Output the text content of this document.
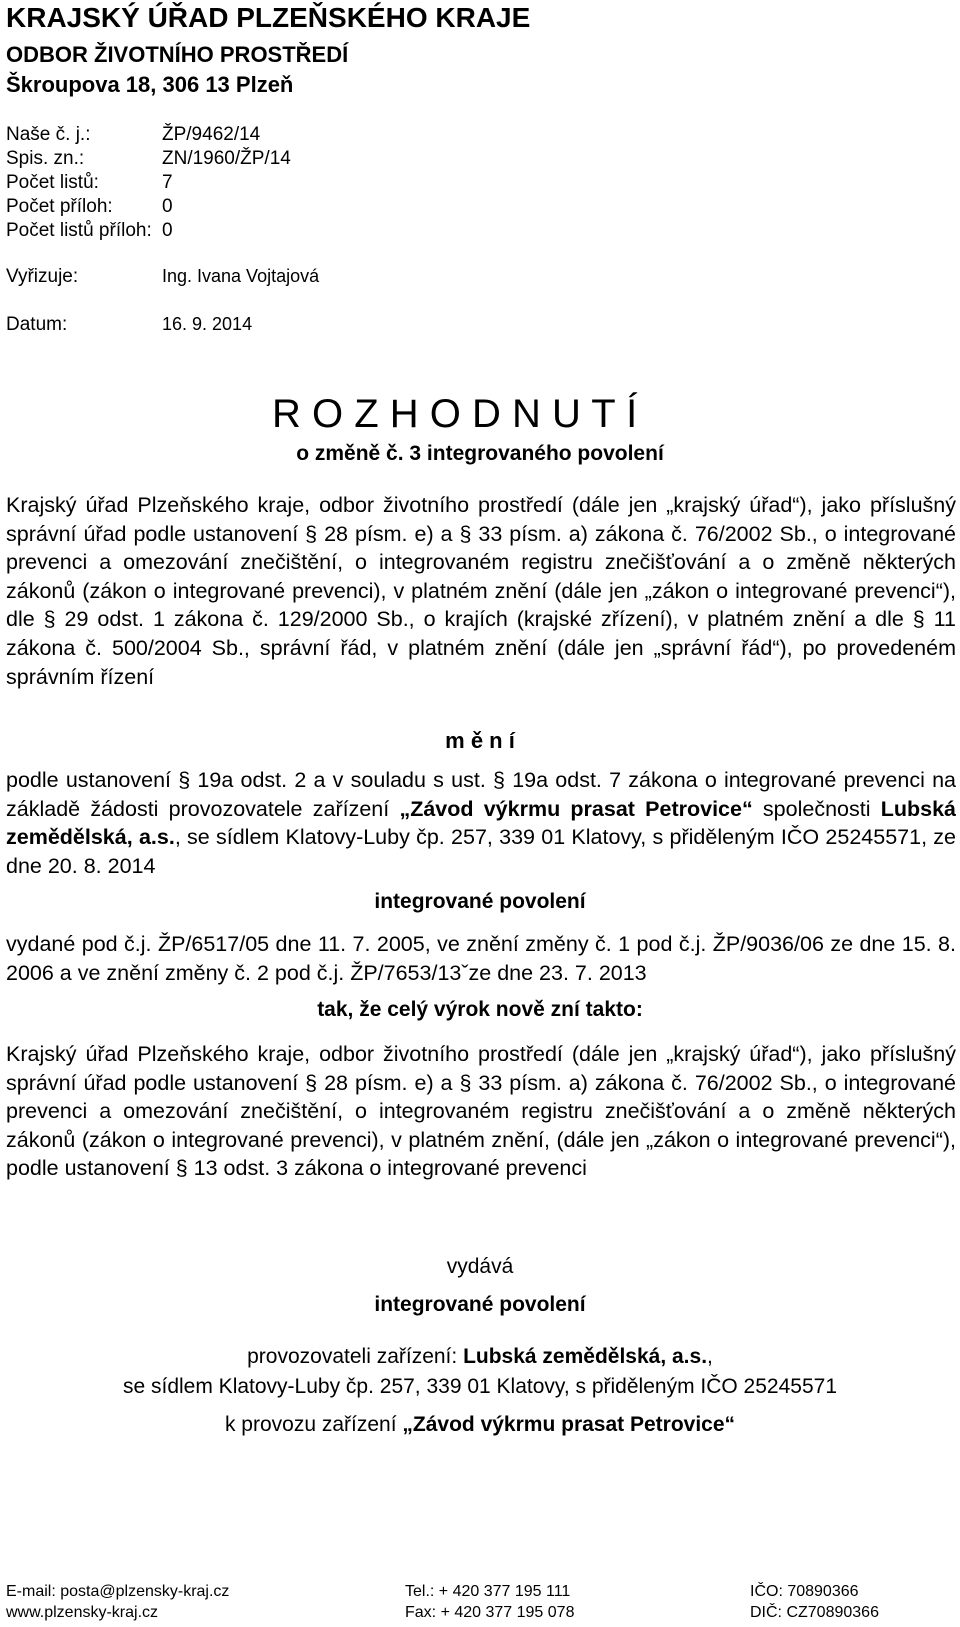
KRAJSKÝ ÚŘAD PLZEŇSKÉHO KRAJE
ODBOR ŽIVOTNÍHO PROSTŘEDÍ
Škroupova 18, 306 13 Plzeň
Naše č. j.:	ŽP/9462/14
Spis. zn.:	ZN/1960/ŽP/14
Počet listů:	7
Počet příloh:	0
Počet listů příloh: 0
Vyřizuje:	Ing. Ivana Vojtajová
Datum:	16. 9. 2014
R O Z H O D N U T Í
o změně č. 3 integrovaného povolení

Krajský úřad Plzeňského kraje, odbor životního prostředí (dále jen „krajský úřad“), jako příslušný správní úřad podle ustanovení § 28 písm. e) a § 33 písm. a) zákona č. 76/2002 Sb., o integrované prevenci a omezování znečištění, o integrovaném registru znečišťování a o změně některých zákonů (zákon o integrované prevenci), v platném znění (dále jen „zákon o integrované prevenci“), dle § 29 odst. 1 zákona č. 129/2000 Sb., o krajích (krajské zřízení), v platném znění a dle § 11 zákona č. 500/2004 Sb., správní řád, v platném znění (dále jen „správní řád“), po provedeném správním řízení

m ě n í

podle ustanovení § 19a odst. 2 a v souladu s ust. § 19a odst. 7 zákona o integrované prevenci na základě žádosti provozovatele zařízení „Závod výkrmu prasat Petrovice“ společnosti Lubská zemědělská, a.s., se sídlem Klatovy-Luby čp. 257, 339 01 Klatovy, s přiděleným IČO 25245571, ze dne 20. 8. 2014

integrované povolení

vydané pod č.j. ŽP/6517/05 dne 11. 7. 2005, ve znění změny č. 1 pod č.j. ŽP/9036/06 ze dne 15. 8. 2006 a ve znění změny č. 2 pod č.j. ŽP/7653/13ˇze dne 23. 7. 2013

tak, že celý výrok nově zní takto:

Krajský úřad Plzeňského kraje, odbor životního prostředí (dále jen „krajský úřad“), jako příslušný správní úřad podle ustanovení § 28 písm. e) a § 33 písm. a) zákona č. 76/2002 Sb., o integrované prevenci a omezování znečištění, o integrovaném registru znečišťování a o změně některých zákonů (zákon o integrované prevenci), v platném znění, (dále jen „zákon o integrované prevenci“), podle ustanovení § 13 odst. 3 zákona o integrované prevenci

vydává
integrované povolení
provozovateli zařízení: Lubská zemědělská, a.s.,
se sídlem Klatovy-Luby čp. 257, 339 01 Klatovy, s přiděleným IČO 25245571
k provozu zařízení „Závod výkrmu prasat Petrovice“
E-mail: posta@plzensky-kraj.cz
www.plzensky-kraj.cz
Tel.: + 420 377 195 111
Fax: + 420 377 195 078
IČO: 70890366
DIČ: CZ70890366
